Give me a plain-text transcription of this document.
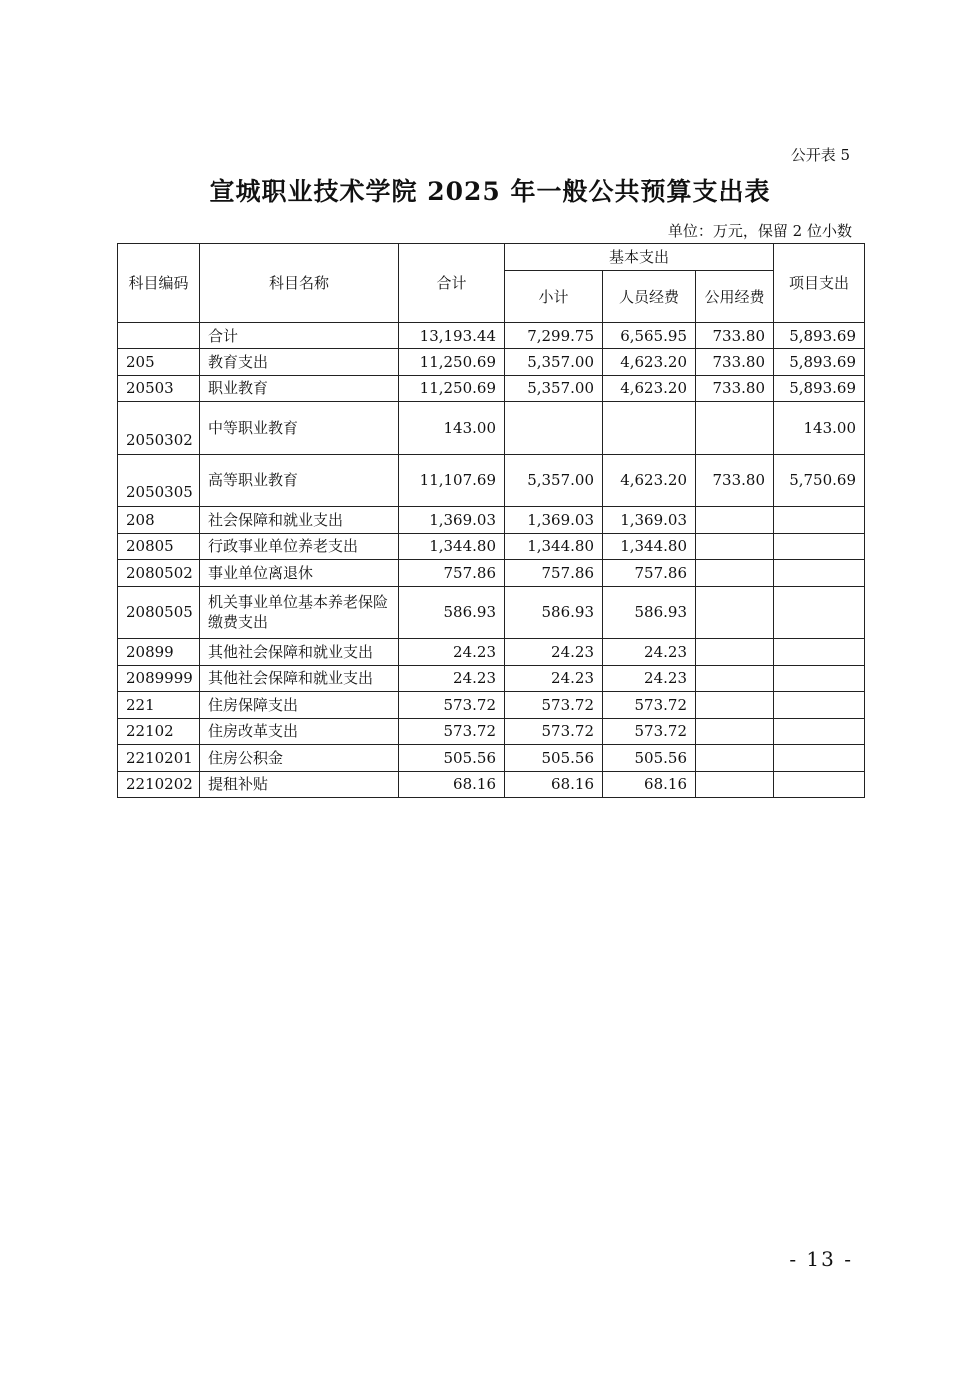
公开表 5
宣城职业技术学院 2025 年一般公共预算支出表
单位：万元，保留 2 位小数
科目编码	科目名称	合计	基本支出			项目支出
			小计	人员经费	公用经费	
	合计	13,193.44	7,299.75	6,565.95	733.80	5,893.69
205	教育支出	11,250.69	5,357.00	4,623.20	733.80	5,893.69
20503	职业教育	11,250.69	5,357.00	4,623.20	733.80	5,893.69
2050302	中等职业教育	143.00				143.00
2050305	高等职业教育	11,107.69	5,357.00	4,623.20	733.80	5,750.69
208	社会保障和就业支出	1,369.03	1,369.03	1,369.03		
20805	行政事业单位养老支出	1,344.80	1,344.80	1,344.80		
2080502	事业单位离退休	757.86	757.86	757.86		
2080505	机关事业单位基本养老保险缴费支出	586.93	586.93	586.93		
20899	其他社会保障和就业支出	24.23	24.23	24.23		
2089999	其他社会保障和就业支出	24.23	24.23	24.23		
221	住房保障支出	573.72	573.72	573.72		
22102	住房改革支出	573.72	573.72	573.72		
2210201	住房公积金	505.56	505.56	505.56		
2210202	提租补贴	68.16	68.16	68.16		
- 13 -
